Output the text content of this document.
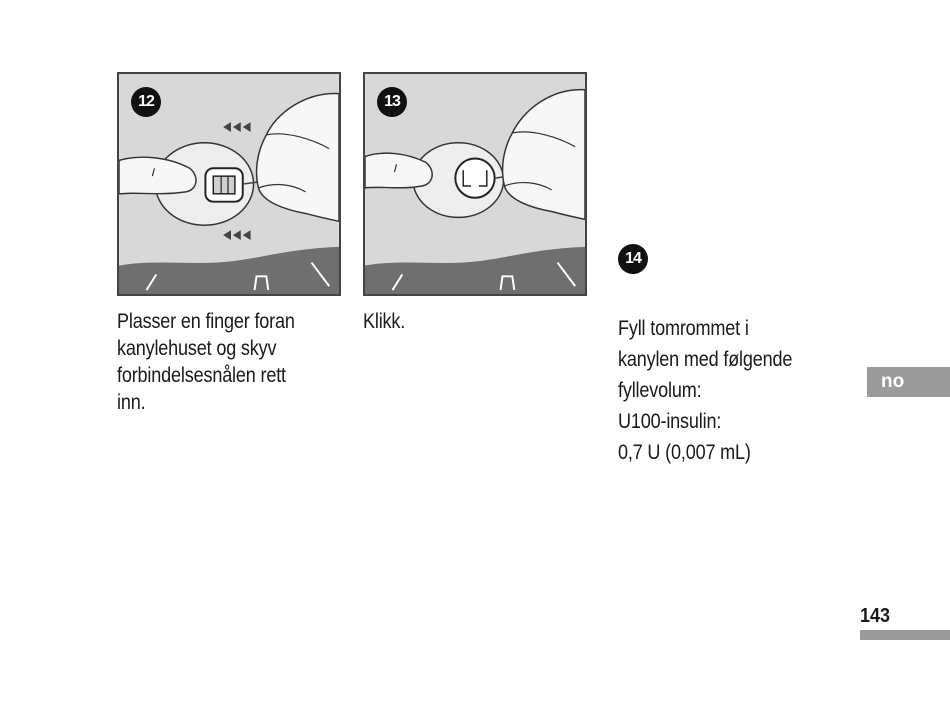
12

Plasser en finger foran

kanylehuset og skyv

forbindelsesnålen rett

inn.

13

Klikk.

14

Fyll tomrommet i

kanylen med følgende

fyllevolum:

U100-insulin:

0,7 U (0,007 mL)

no
143
